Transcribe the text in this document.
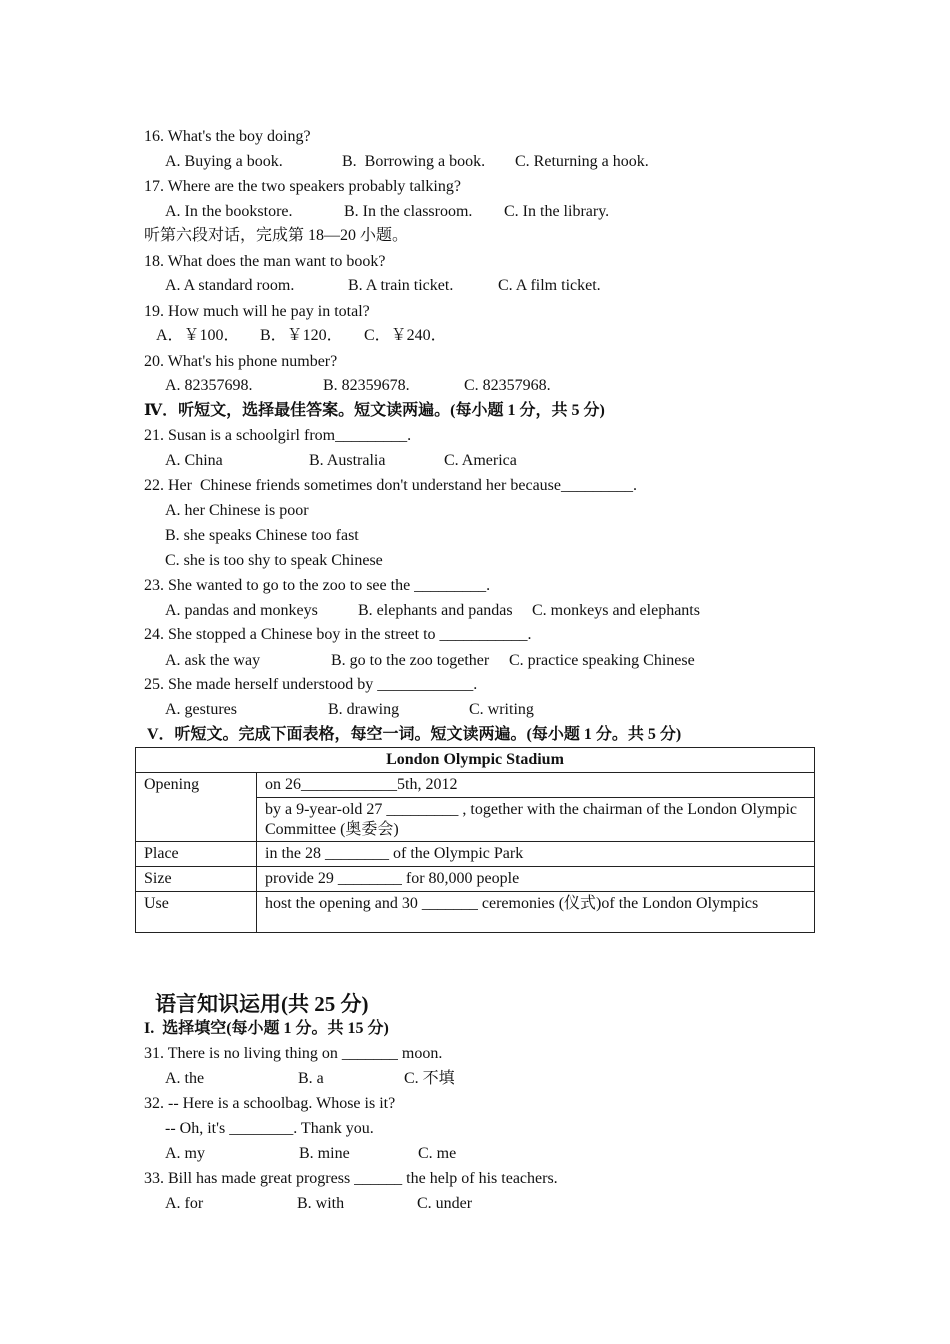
16. What's the boy doing?
A. Buying a book.	B.  Borrowing a book. C. Returning a hook.
17. Where are the two speakers probably talking?
A. In the bookstore.	B. In the classroom. C. In the library.
听第六段对话，完成第 18—20 小题。
18. What does the man want to book?
A. A standard room.	B. A train ticket.	C. A film ticket.
19. How much will he pay in total?
A．￥100． B．￥120． C．￥240．
20. What's his phone number?
A. 82357698.	B. 82359678.	C. 82357968.
Ⅳ．听短文，选择最佳答案。短文读两遍。(每小题 1 分，共 5 分)
21. Susan is a schoolgirl from_________.
A. China	B. Australia	C. America
22. Her  Chinese friends sometimes don't understand her because_________.
A. her Chinese is poor
B. she speaks Chinese too fast
C. she is too shy to speak Chinese
23. She wanted to go to the zoo to see the _________.
A. pandas and monkeys	B. elephants and pandas C. monkeys and elephants
24. She stopped a Chinese boy in the street to ___________.
A. ask the way	B. go to the zoo together C. practice speaking Chinese
25. She made herself understood by ____________.
A. gestures	B. drawing	C. writing
V．听短文。完成下面表格，每空一词。短文读两遍。(每小题 1 分。共 5 分)
London Olympic Stadium	
Opening	on 26____________5th, 2012
	by a 9-year-old 27 _________ , together with the chairman of the London Olympic Committee (奥委会)
Place	in the 28 ________ of the Olympic Park
Size	provide 29 ________ for 80,000 people
Use	host the opening and 30 _______ ceremonies (仪式)of the London Olympics
语言知识运用(共 25 分)
I.  选择填空(每小题 1 分。共 15 分)
31. There is no living thing on _______ moon.
A. the	B. a	C. 不填
32. -- Here is a schoolbag. Whose is it?
-- Oh, it's ________. Thank you.
A. my	B. mine	C. me
33. Bill has made great progress ______ the help of his teachers.
A. for	B. with	C. under
